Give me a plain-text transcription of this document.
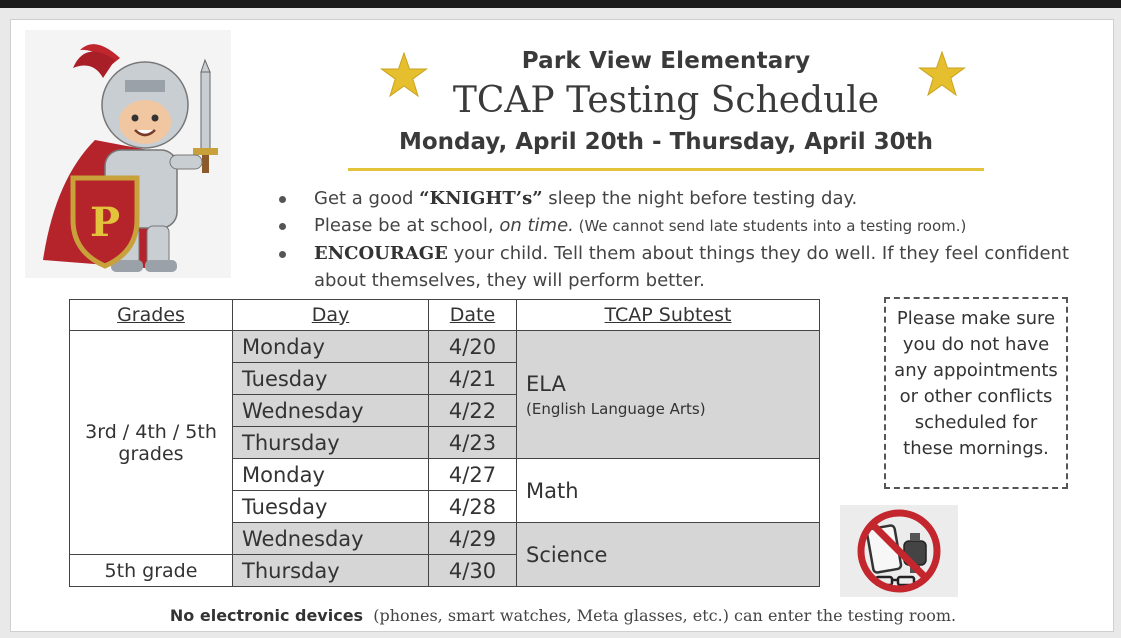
P
Park View Elementary
TCAP Testing Schedule
Monday, April 20th - Thursday, April 30th
Get a good “KNIGHT’s” sleep the night before testing day.
Please be at school, on time. (We cannot send late students into a testing room.)
ENCOURAGE your child. Tell them about things they do well. If they feel confident about themselves, they will perform better.
Grades	Day	Date	TCAP Subtest
3rd / 4th / 5th grades	Monday	4/20	ELA
(English Language Arts)

	Tuesday	4/21	
	Wednesday	4/22	
	Thursday	4/23	
	Monday	4/27	Math
	Tuesday	4/28	
	Wednesday	4/29	Science
5th grade	Thursday	4/30	
Please make sure you do not have any appointments or other conflicts scheduled for these mornings.
No electronic devices  (phones, smart watches, Meta glasses, etc.) can enter the testing room.
